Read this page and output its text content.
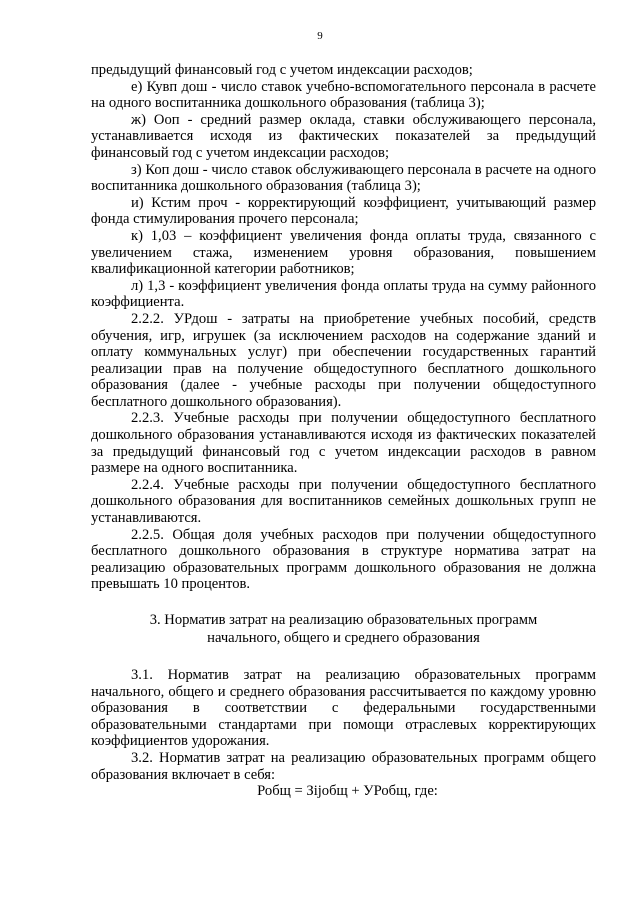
9

предыдущий финансовый год с учетом индексации расходов;

е) Кувп дош - число ставок учебно-вспомогательного персонала в расчете на одного воспитанника дошкольного образования (таблица 3);

ж) Ооп - средний размер оклада, ставки обслуживающего персонала, устанавливается исходя из фактических показателей за предыдущий финансовый год с учетом индексации расходов;

з) Коп дош - число ставок обслуживающего персонала в расчете на одного воспитанника дошкольного образования (таблица 3);

и) Кстим проч - корректирующий коэффициент, учитывающий размер фонда стимулирования прочего персонала;

к) 1,03 – коэффициент увеличения фонда оплаты труда, связанного с увеличением стажа, изменением уровня образования, повышением квалификационной категории работников;

л) 1,3 - коэффициент увеличения фонда оплаты труда на сумму районного коэффициента.

2.2.2. УРдош - затраты на приобретение учебных пособий, средств обучения, игр, игрушек (за исключением расходов на содержание зданий и оплату коммунальных услуг) при обеспечении государственных гарантий реализации прав на получение общедоступного бесплатного дошкольного образования (далее - учебные расходы при получении общедоступного бесплатного дошкольного образования).

2.2.3. Учебные расходы при получении общедоступного бесплатного дошкольного образования устанавливаются исходя из фактических показателей за предыдущий финансовый год с учетом индексации расходов в равном размере на одного воспитанника.

2.2.4. Учебные расходы при получении общедоступного бесплатного дошкольного образования для воспитанников семейных дошкольных групп не устанавливаются.

2.2.5. Общая доля учебных расходов при получении общедоступного бесплатного дошкольного образования в структуре норматива затрат на реализацию образовательных программ дошкольного образования не должна превышать 10 процентов.

3. Норматив затрат на реализацию образовательных программ
начального, общего и среднего образования

3.1. Норматив затрат на реализацию образовательных программ начального, общего и среднего образования рассчитывается по каждому уровню образования в соответствии с федеральными государственными образовательными стандартами при помощи отраслевых корректирующих коэффициентов удорожания.

3.2. Норматив затрат на реализацию образовательных программ общего образования включает в себя:

Робщ = Зijобщ + УРобщ, где:
